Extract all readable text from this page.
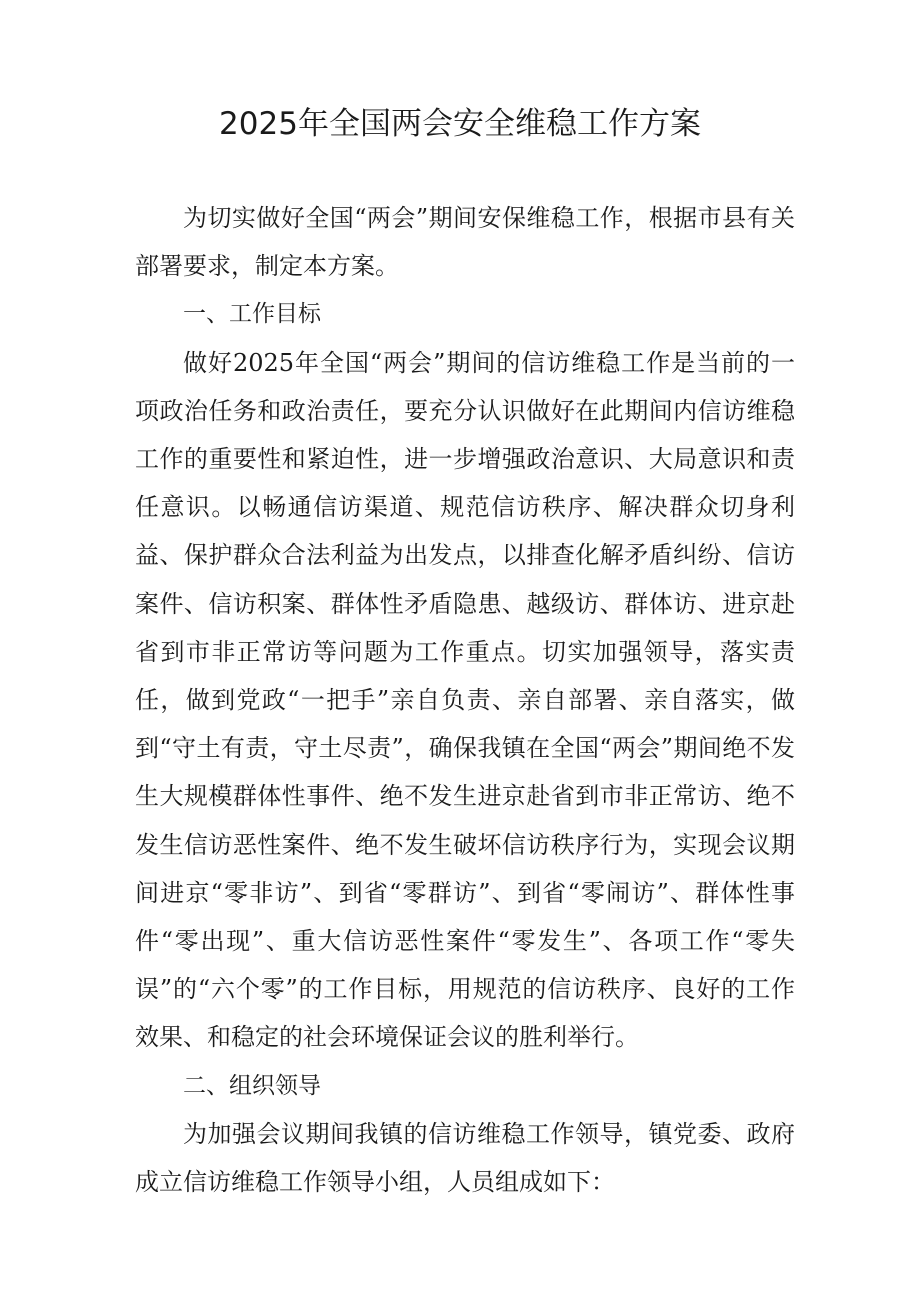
2025年全国两会安全维稳工作方案

为切实做好全国“两会”期间安保维稳工作，根据市县有关部署要求，制定本方案。

一、工作目标

做好2025年全国“两会”期间的信访维稳工作是当前的一项政治任务和政治责任，要充分认识做好在此期间内信访维稳工作的重要性和紧迫性，进一步增强政治意识、大局意识和责任意识。以畅通信访渠道、规范信访秩序、解决群众切身利益、保护群众合法利益为出发点，以排查化解矛盾纠纷、信访案件、信访积案、群体性矛盾隐患、越级访、群体访、进京赴省到市非正常访等问题为工作重点。切实加强领导，落实责任，做到党政“一把手”亲自负责、亲自部署、亲自落实，做到“守土有责，守土尽责”，确保我镇在全国“两会”期间绝不发生大规模群体性事件、绝不发生进京赴省到市非正常访、绝不发生信访恶性案件、绝不发生破坏信访秩序行为，实现会议期间进京“零非访”、到省“零群访”、到省“零闹访”、群体性事件“零出现”、重大信访恶性案件“零发生”、各项工作“零失误”的“六个零”的工作目标，用规范的信访秩序、良好的工作效果、和稳定的社会环境保证会议的胜利举行。

二、组织领导

为加强会议期间我镇的信访维稳工作领导，镇党委、政府成立信访维稳工作领导小组，人员组成如下：
